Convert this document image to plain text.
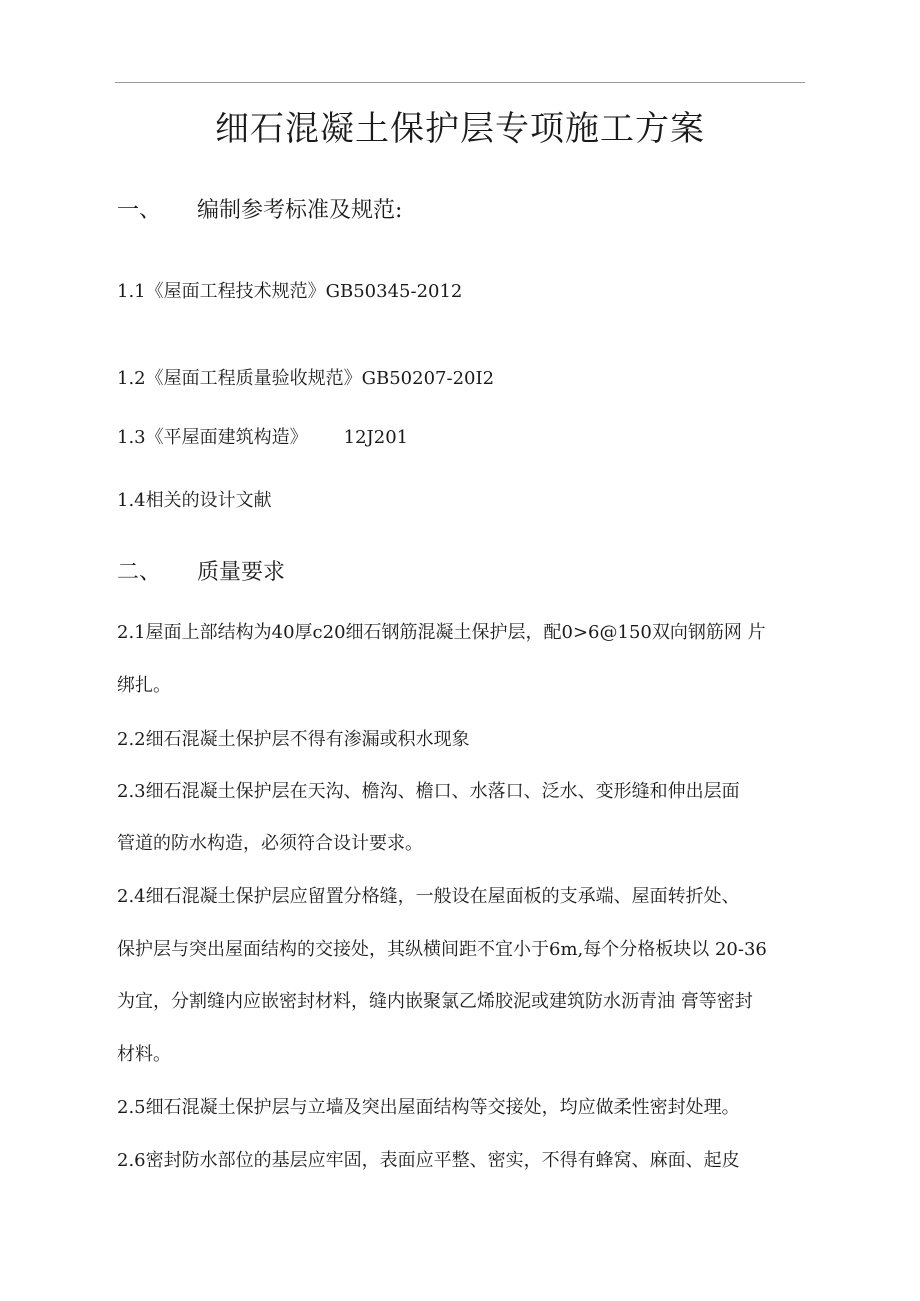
细石混凝土保护层专项施工方案
一、 编制参考标准及规范:
1.1《屋面工程技术规范》GB50345-2012
1.2《屋面工程质量验收规范》GB50207-20I2
1.3《平屋面建筑构造》 12J201
1.4相关的设计文献
二、 质量要求
2.1屋面上部结构为40厚c20细石钢筋混凝土保护层，配0>6@150双向钢筋网 片
绑扎。
2.2细石混凝土保护层不得有渗漏或积水现象
2.3细石混凝土保护层在天沟、檐沟、檐口、水落口、泛水、变形缝和伸出层面
管道的防水构造，必须符合设计要求。
2.4细石混凝土保护层应留置分格缝，一般设在屋面板的支承端、屋面转折处、
保护层与突出屋面结构的交接处，其纵横间距不宜小于6m,每个分格板块以 20-36
为宜，分割缝内应嵌密封材料，缝内嵌聚氯乙烯胶泥或建筑防水沥青油 膏等密封
材料。
2.5细石混凝土保护层与立墙及突出屋面结构等交接处，均应做柔性密封处理。
2.6密封防水部位的基层应牢固，表面应平整、密实，不得有蜂窝、麻面、起皮
